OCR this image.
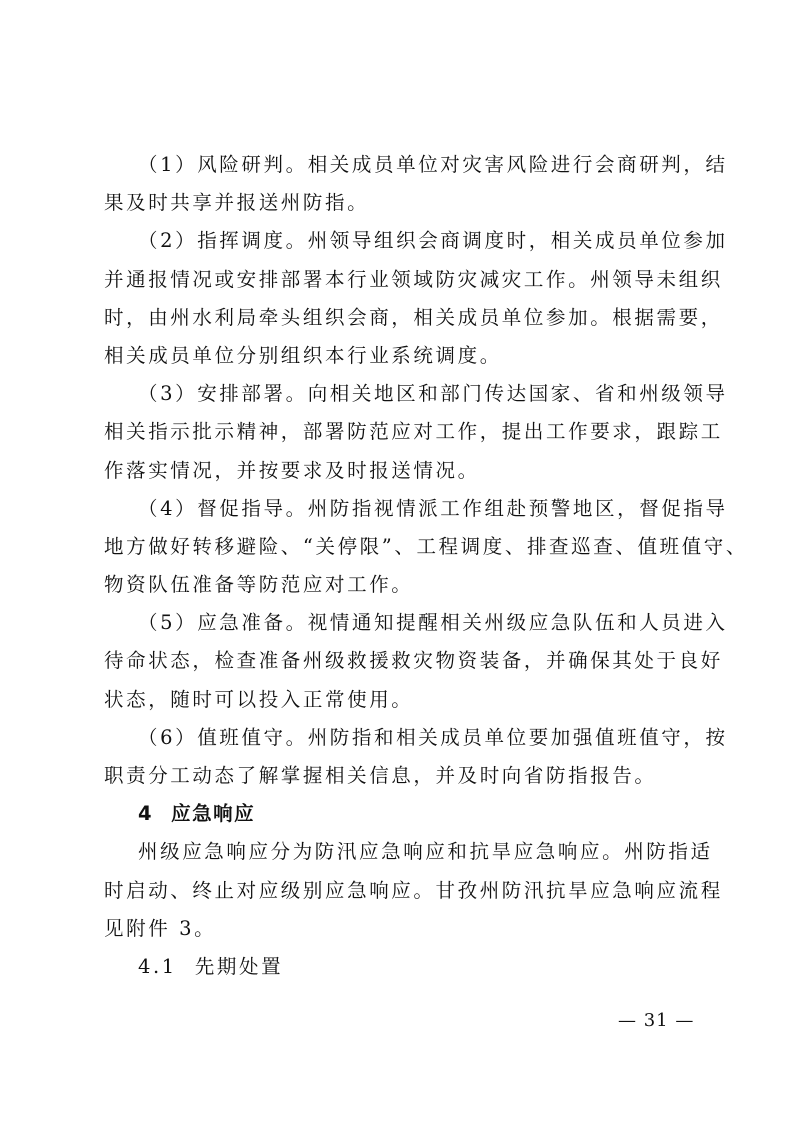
（1）风险研判。相关成员单位对灾害风险进行会商研判，结
果及时共享并报送州防指。
（2）指挥调度。州领导组织会商调度时，相关成员单位参加
并通报情况或安排部署本行业领域防灾减灾工作。州领导未组织
时，由州水利局牵头组织会商，相关成员单位参加。根据需要，
相关成员单位分别组织本行业系统调度。
（3）安排部署。向相关地区和部门传达国家、省和州级领导
相关指示批示精神，部署防范应对工作，提出工作要求，跟踪工
作落实情况，并按要求及时报送情况。
（4）督促指导。州防指视情派工作组赴预警地区，督促指导
地方做好转移避险、“关停限”、工程调度、排查巡查、值班值守、
物资队伍准备等防范应对工作。
（5）应急准备。视情通知提醒相关州级应急队伍和人员进入
待命状态，检查准备州级救援救灾物资装备，并确保其处于良好
状态，随时可以投入正常使用。
（6）值班值守。州防指和相关成员单位要加强值班值守，按
职责分工动态了解掌握相关信息，并及时向省防指报告。
4 应急响应
州级应急响应分为防汛应急响应和抗旱应急响应。州防指适
时启动、终止对应级别应急响应。甘孜州防汛抗旱应急响应流程
见附件 3。
4.1 先期处置
— 31 —
